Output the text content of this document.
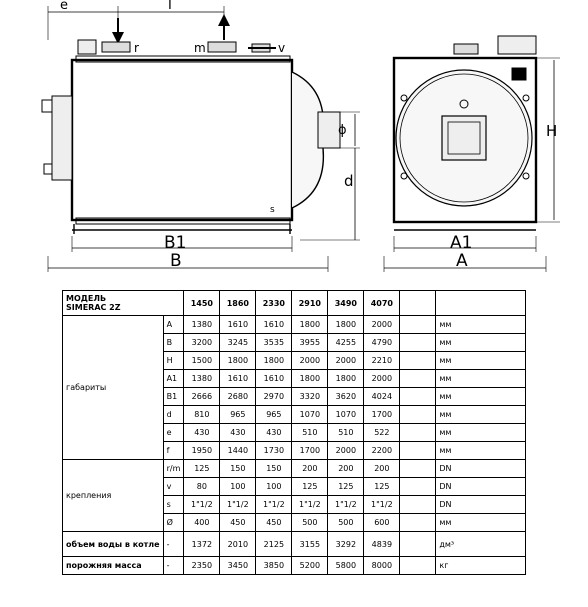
e	I
r	m	v
s
ϕ
d
B1
B
H
A1
A
МОДЕЛЬ
SIMERAC 2Z		1450	1860	2330	2910	3490	4070		
габариты	A	1380	1610	1610	1800	1800	2000		мм
	B	3200	3245	3535	3955	4255	4790		мм
	H	1500	1800	1800	2000	2000	2210		мм
	A1	1380	1610	1610	1800	1800	2000		мм
	B1	2666	2680	2970	3320	3620	4024		мм
	d	810	965	965	1070	1070	1700		мм
	e	430	430	430	510	510	522		мм
	f	1950	1440	1730	1700	2000	2200		мм
крепления	r/m	125	150	150	200	200	200		DN
	v	80	100	100	125	125	125		DN
	s	1"1/2	1"1/2	1"1/2	1"1/2	1"1/2	1"1/2		DN
	Ø	400	450	450	500	500	600		мм
объем воды в котле	-	1372	2010	2125	3155	3292	4839		дм³
порожняя масса	-	2350	3450	3850	5200	5800	8000		кг
